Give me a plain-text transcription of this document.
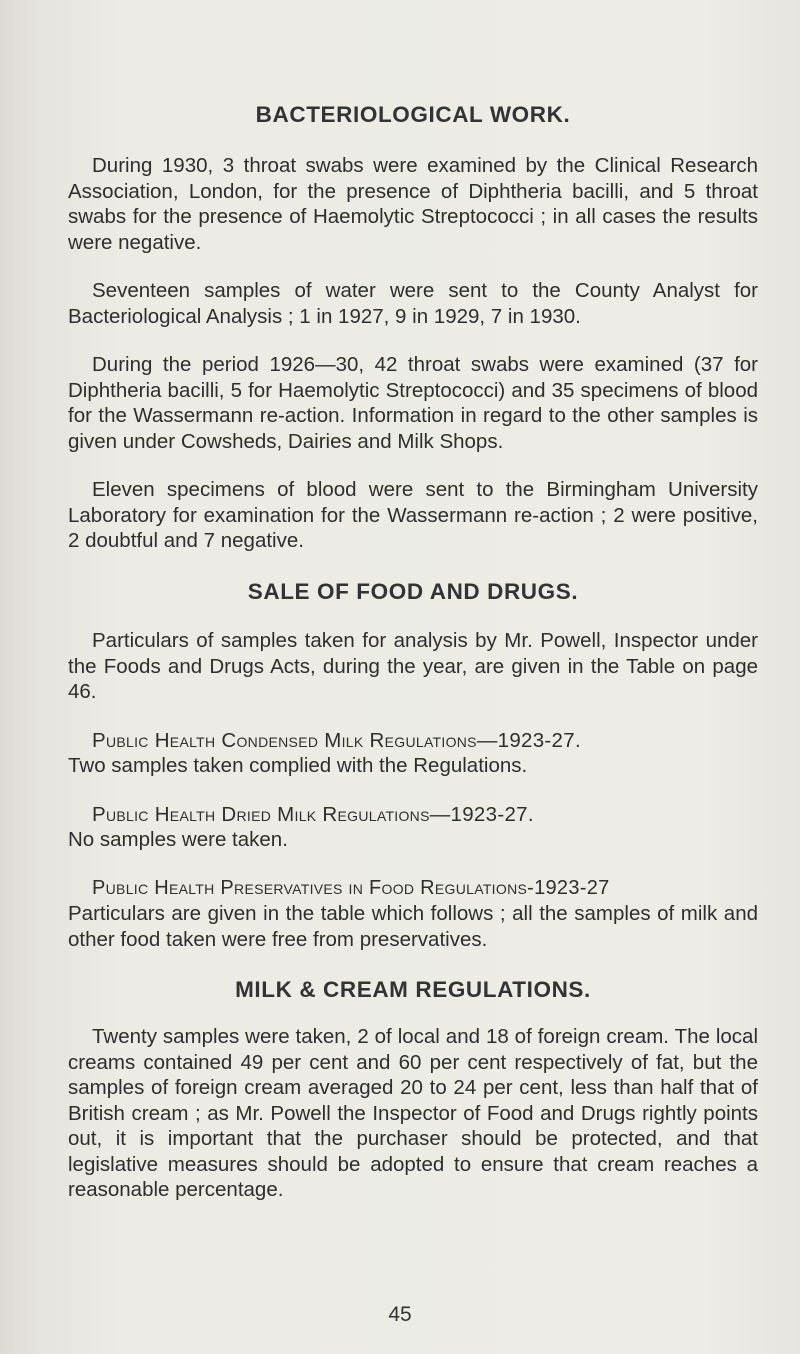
BACTERIOLOGICAL WORK.

During 1930, 3 throat swabs were examined by the Clinical Research Association, London, for the presence of Diphtheria bacilli, and 5 throat swabs for the presence of Haemolytic Streptococci ; in all cases the results were negative.

Seventeen samples of water were sent to the County Analyst for Bacteriological Analysis ; 1 in 1927, 9 in 1929, 7 in 1930.

During the period 1926—30, 42 throat swabs were examined (37 for Diphtheria bacilli, 5 for Haemolytic Streptococci) and 35 specimens of blood for the Wassermann re-action. Information in regard to the other samples is given under Cowsheds, Dairies and Milk Shops.

Eleven specimens of blood were sent to the Birmingham University Laboratory for examination for the Wassermann re-action ; 2 were positive, 2 doubtful and 7 negative.

SALE OF FOOD AND DRUGS.

Particulars of samples taken for analysis by Mr. Powell, Inspector under the Foods and Drugs Acts, during the year, are given in the Table on page 46.

Public Health Condensed Milk Regulations—1923-27.

Two samples taken complied with the Regulations.

Public Health Dried Milk Regulations—1923-27.

No samples were taken.

Public Health Preservatives in Food Regulations-1923-27

Particulars are given in the table which follows ; all the samples of milk and other food taken were free from preservatives.

MILK & CREAM REGULATIONS.

Twenty samples were taken, 2 of local and 18 of foreign cream. The local creams contained 49 per cent and 60 per cent respectively of fat, but the samples of foreign cream averaged 20 to 24 per cent, less than half that of British cream ; as Mr. Powell the Inspector of Food and Drugs rightly points out, it is important that the purchaser should be protected, and that legislative measures should be adopted to ensure that cream reaches a reasonable percentage.

45
